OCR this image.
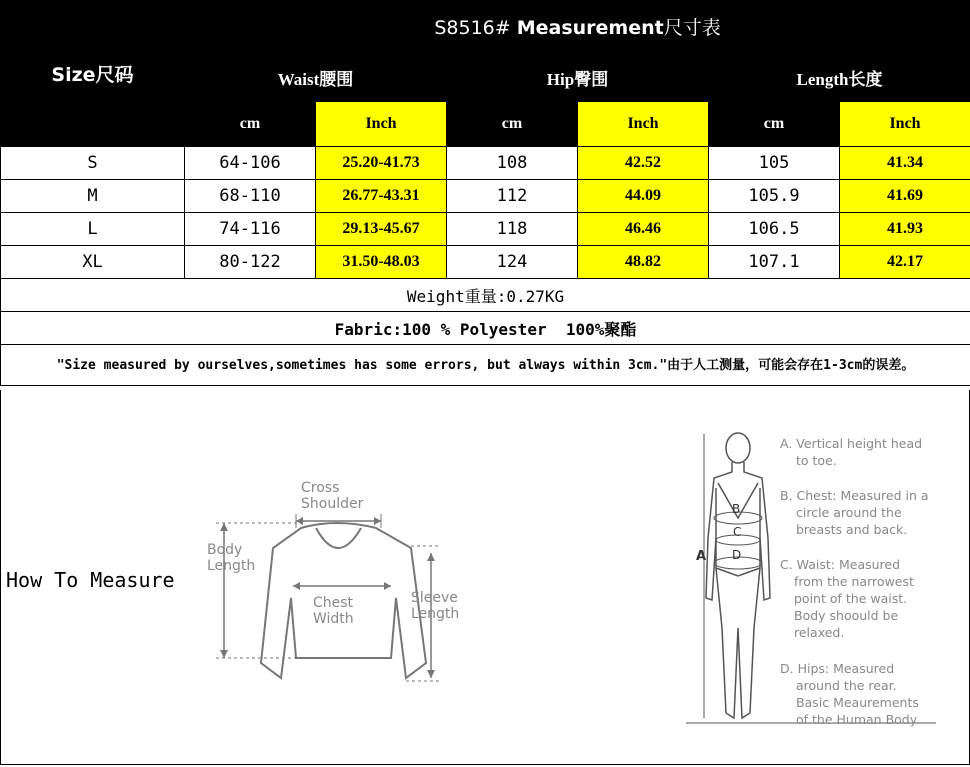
Size尺码	S8516# Measurement尺寸表					
	Waist腰围		Hip臀围		Length长度	
	cm	Inch	cm	Inch	cm	Inch
S	64-106	25.20-41.73	108	42.52	105	41.34
M	68-110	26.77-43.31	112	44.09	105.9	41.69
L	74-116	29.13-45.67	118	46.46	106.5	41.93
XL	80-122	31.50-48.03	124	48.82	107.1	42.17
Weight重量:0.27KG						
Fabric:100 % Polyester  100%聚酯						
"Size measured by ourselves,sometimes has some errors, but always within 3cm."由于人工测量，可能会存在1-3cm的误差。						
How To Measure
Cross
Shoulder
Body
Length
Chest
Width
Sleeve
Length
A
B
C
D
A. Vertical height head
to toe.
B. Chest: Measured in a
circle around the
breasts and back.
C. Waist: Measured
from the narrowest
point of the waist.
Body shoould be
relaxed.
D. Hips: Measured
around the rear.
Basic Meaurements
of the Human Body
